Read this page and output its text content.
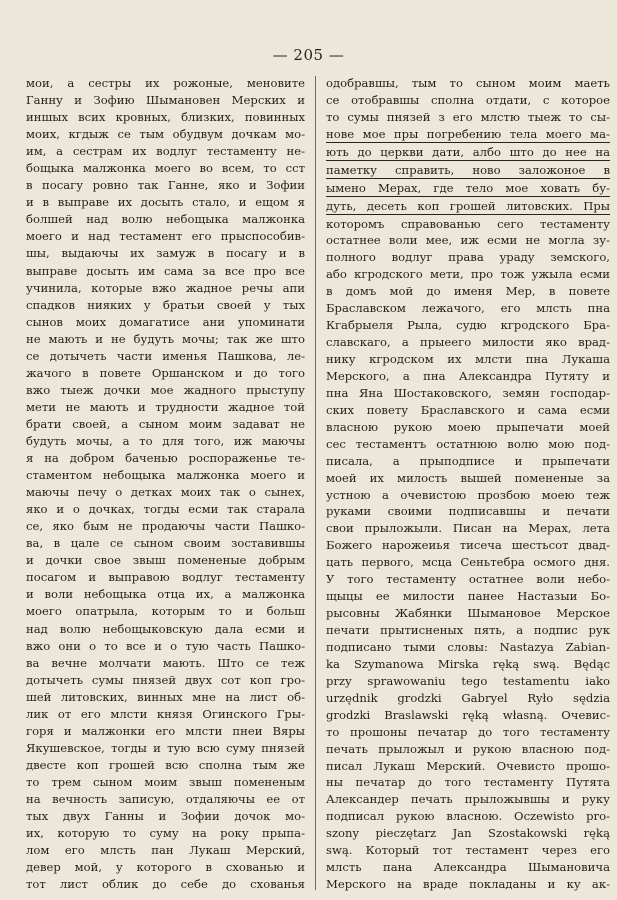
— 205 —
мои, а сестры их рожоные, меновите
Ганну и Зофию Шымановен Мерских и
иншых всих кровных, близких, повинных
моих, кгдыж се тым обудвум дочкам мо-
им, а сестрам их водлуг тестаменту не-
бощыка малжонка моего во всем, то сст
в посагу ровно так Ганне, яко и Зофии
и в выправе их досыть стало, и ещом я
болшей над волю небощыка малжонка
моего и над тестамент его прыспособив-
шы, выдаючы их замуж в посагу и в
выправе досыть им сама за все про все
учинила, которые вжо жадное речы апи
спадков нияких у братьи своей у тых
сынов моих домагатисе ани упоминати
не мають и не будуть мочы; так же што
се дотычеть части именья Пашкова, ле-
жачого в повете Оршанском и до того
вжо тыеж дочки мое жадного прыступу
мети не мають и трудности жадное той
брати своей, а сыном моим задават не
будуть мочы, а то для того, иж маючы
я на добром баченью роспораженье те-
стаментом небощыка малжонка моего и
маючы печу о детках моих так о сынех,
яко и о дочках, тогды есми так старала
се, яко бым не продаючы части Пашко-
ва, в цале се сыном своим зоставившы
и дочки свое звыш помененые добрым
посагом и выправою водлуг тестаменту
и воли небощыка отца их, а малжонка
моего опатрыла, которым то и больш
над волю небощыковскую дала есми и
вжо они о то все и о тую часть Пашко-
ва вечне молчати мають. Што се теж
дотычеть сумы пнязей двух сот коп гро-
шей литовских, винных мне на лист об-
лик от его млсти князя Огинского Гры-
горя и малжонки его млсти пнеи Вяры
Якушевское, тогды и тую всю суму пнязей
двесте коп грошей всю сполна тым же
то трем сыном моим звыш помененым
на вечность записую, отдаляючы ее от
тых двух Ганны и Зофии дочок мо-
их, которую то суму на року прыпа-
лом его млсть пан Лукаш Мерский,
девер мой, у которого в схованью и
тот лист облик до себе до схованья
одобравшы, тым то сыном моим маеть
се отобравшы сполна отдати, с которое
то сумы пнязей з его млстю тыеж то сы-
нове мое пры погребению тела моего ма-
ють до церкви дати, албо што до нее на
паметку справить, ново заложоное в
ымено Мерах, где тело мое ховать бу-
дуть, десеть коп грошей литовских. Пры
которомъ справованью сего тестаменту
остатнее воли мее, иж есми не могла зу-
полного водлуг права ураду земского,
або кгродского мети, про тож ужыла есми
в домъ мой до именя Мер, в повете
Браславском лежачого, его млсть пна
Кгабрыеля Рыла, судю кгродского Бра-
славскаго, а прыеего милости яко врад-
нику кгродском их млсти пна Лукаша
Мерского, а пна Александра Путяту и
пна Яна Шостаковского, земян господар-
ских повету Браславского и сама есми
власною рукою моею прыпечати моей
сес тестаментъ остатнюю волю мою под-
писала, а прыподписе и прыпечати
моей их милость вышей помененые за
устною а очевистою прозбою моею теж
руками своими подписавшы и печати
свои прыложыли. Писан на Мерах, лета
Божего нарожеиья тисеча шестьсот двад-
цать первого, мсца Сеньтебра осмого дня.
У того тестаменту остатнее воли небо-
щыцы ее милости панее Настазыи Бо-
рысовны Жабянки Шымановое Мерское
печати прытисненых пять, а подпис рук
подписано тыми словы: Nastazya Zabian-
ka Szymanowa Mirska ręką swą. Będąc
przy sprawowaniu tego testamentu iako
urzędnik grodzki Gabryel Ryło sędzia
grodzki Braslawski ręką własną. Очевис-
то прошоны печатар до того тестаменту
печать прыложыл и рукою власною под-
писал Лукаш Мерский. Очевисто прошо-
ны печатар до того тестаменту Путята
Александер печать прыложывшы и руку
подписал рукою власною. Oczewisto pro-
szony pieczętarz Jan Szostakowski ręką
swą. Который тот тестамент через его
млсть пана Александра Шымановича
Мерского на враде покладаны и ку ак-
